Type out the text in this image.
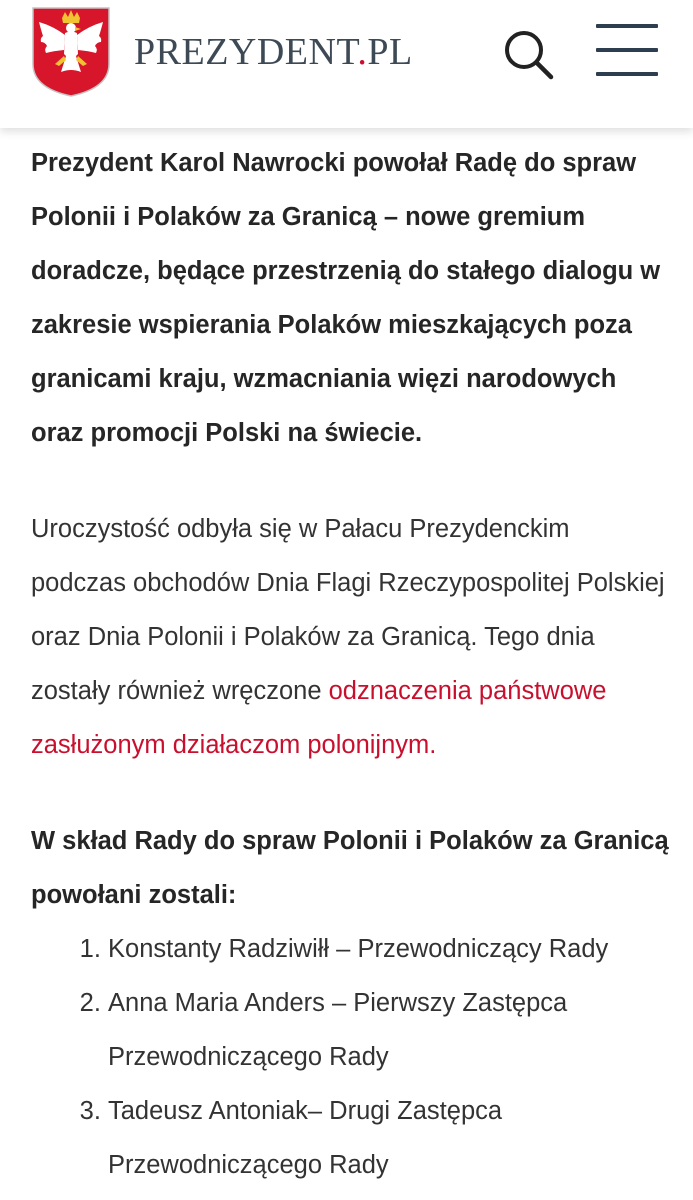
PREZYDENT.PL

Prezydent Karol Nawrocki powołał Radę do spraw Polonii i Polaków za Granicą – nowe gremium doradcze, będące przestrzenią do stałego dialogu w zakresie wspierania Polaków mieszkających poza granicami kraju, wzmacniania więzi narodowych oraz promocji Polski na świecie.

Uroczystość odbyła się w Pałacu Prezydenckim podczas obchodów Dnia Flagi Rzeczypospolitej Polskiej oraz Dnia Polonii i Polaków za Granicą. Tego dnia zostały również wręczone odznaczenia państwowe zasłużonym działaczom polonijnym.

W skład Rady do spraw Polonii i Polaków za Granicą powołani zostali:

1. Konstanty Radziwiłł – Przewodniczący Rady
2. Anna Maria Anders – Pierwszy Zastępca Przewodniczącego Rady
3. Tadeusz Antoniak– Drugi Zastępca Przewodniczącego Rady
